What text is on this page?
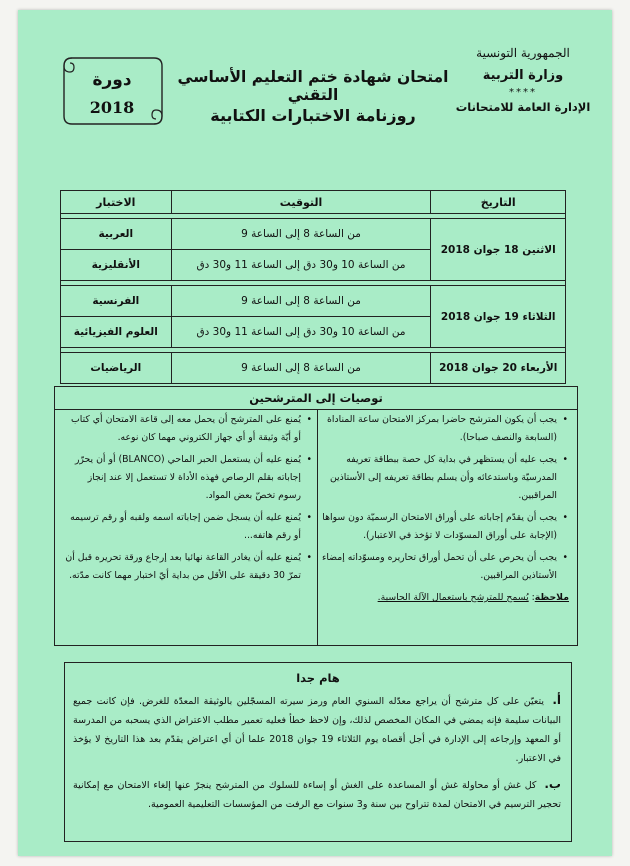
الجمهورية التونسية
وزارة التربية
****
الإدارة العامة للامتحانات
امتحان شهادة ختم التعليم الأساسي التقني
روزنامة الاختبارات الكتابية
دورة
2018
التاريخ	التوقيت	الاختبار

الاثنين 18 جوان 2018	من الساعة 8 إلى الساعة 9	العربية
	من الساعة 10 و30 دق إلى الساعة 11 و30 دق	الأنقليزية

الثلاثاء 19 جوان 2018	من الساعة 8 إلى الساعة 9	الفرنسية
	من الساعة 10 و30 دق إلى الساعة 11 و30 دق	العلوم الفيزيائية

الأربعاء 20 جوان 2018	من الساعة 8 إلى الساعة 9	الرياضيات
توصيات إلى المترشحين
• يجب أن يكون المترشح حاضرا بمركز الامتحان ساعة المناداة (السابعة والنصف صباحا).
• يجب عليه أن يستظهر في بداية كل حصة ببطاقة تعريفه المدرسيّة وباستدعائه وأن يسلم بطاقة تعريفه إلى الأستاذين المراقبين.
• يجب أن يقدّم إجاباته على أوراق الامتحان الرسميّة دون سواها (الإجابة على أوراق المسوّدات لا تؤخذ في الاعتبار).
• يجب أن يحرص على أن تحمل أوراق تحاريره ومسوّداته إمضاء الأستاذين المراقبين.
ملاحظة: يُسمح للمترشح باستعمال الآلة الحاسبة.
• يُمنع على المترشح أن يحمل معه إلى قاعة الامتحان أي كتاب أو أيّة وثيقة أو أي جهاز الكتروني مهما كان نوعه.
• يُمنع عليه أن يستعمل الحبر الماحي (BLANCO) أو أن يحرّر إجاباته بقلم الرصاص فهذه الأداة لا تستعمل إلا عند إنجاز رسوم تخصّ بعض المواد.
• يُمنع عليه أن يسجل ضمن إجاباته اسمه ولقبه أو رقم ترسيمه أو رقم هاتفه...
• يُمنع عليه أن يغادر القاعة نهائيا بعد إرجاع ورقة تحريره قبل أن تمرّ 30 دقيقة على الأقل من بداية أيّ اختبار مهما كانت مدّته.
هام جدا
أ. يتعيّن على كل مترشح أن يراجع معدّله السنوي العام ورمز سيرته المسجّلين بالوثيقة المعدّة للغرض. فإن كانت جميع البيانات سليمة فإنه يمضي في المكان المخصص لذلك، وإن لاحظ خطأ فعليه تعمير مطلب الاعتراض الذي يسحبه من المدرسة أو المعهد وإرجاعه إلى الإدارة في أجل أقصاه يوم الثلاثاء 19 جوان 2018 علما أن أي اعتراض يقدّم بعد هذا التاريخ لا يؤخذ في الاعتبار.
ب. كل غش أو محاولة غش أو المساعدة على الغش أو إساءة للسلوك من المترشح ينجرّ عنها إلغاء الامتحان مع إمكانية تحجير الترسيم في الامتحان لمدة تتراوح بين سنة و3 سنوات مع الرفت من المؤسسات التعليمية العمومية.
